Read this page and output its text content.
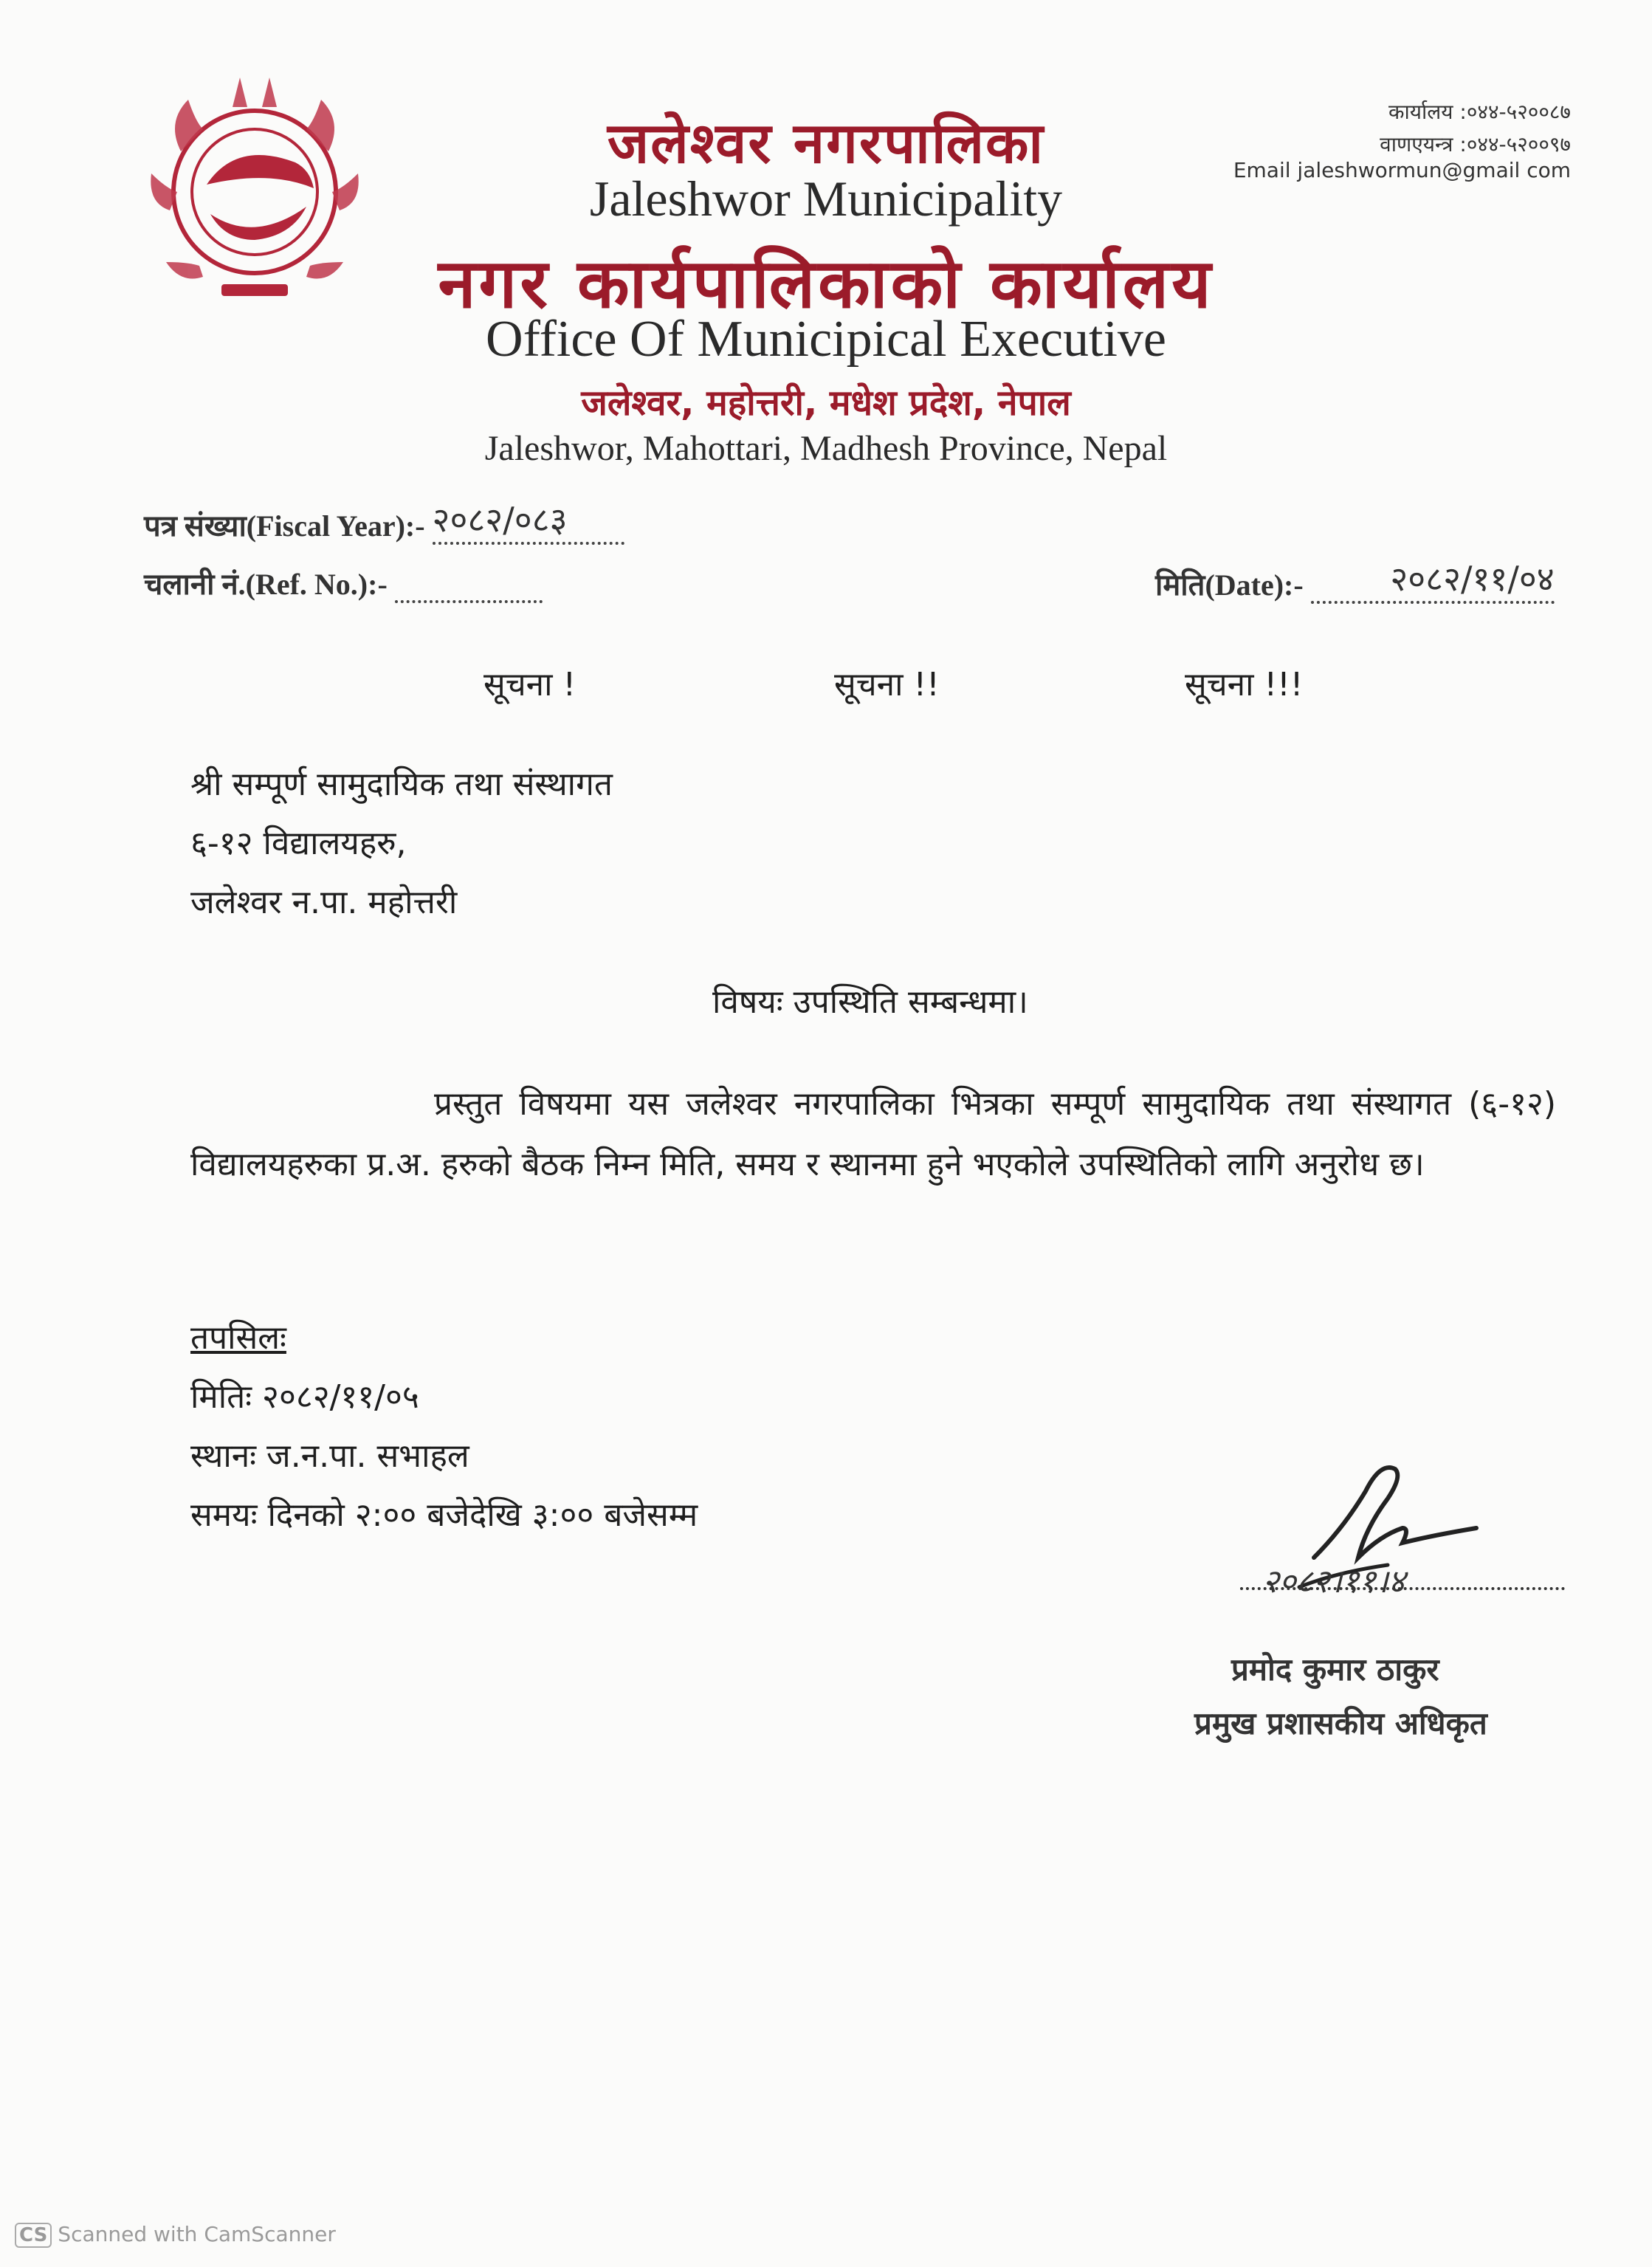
जलेश्वर नगरपालिका
Jaleshwor Municipality
नगर कार्यपालिकाको कार्यालय
Office Of Municipical Executive
जलेश्वर, महोत्तरी, मधेश प्रदेश, नेपाल
Jaleshwor, Mahottari, Madhesh Province, Nepal
कार्यालय :०४४-५२००८७
वाणएयन्त्र :०४४-५२००९७
Email jaleshwormun@gmail com
पत्र संख्या(Fiscal Year):- २०८२/०८३
चलानी नं.(Ref. No.):-	मिति(Date):-	२०८२/११/०४
सूचना !	सूचना !!	सूचना !!!
श्री सम्पूर्ण सामुदायिक तथा संस्थागत
६-१२ विद्यालयहरु,
जलेश्वर न.पा. महोत्तरी
विषयः उपस्थिति सम्बन्धमा।
प्रस्तुत विषयमा यस जलेश्वर नगरपालिका भित्रका सम्पूर्ण सामुदायिक तथा संस्थागत (६-१२) विद्यालयहरुका प्र.अ. हरुको बैठक निम्न मिति, समय र स्थानमा हुने भएकोले उपस्थितिको लागि अनुरोध छ।
तपसिलः
मितिः २०८२/११/०५
स्थानः ज.न.पा. सभाहल
समयः दिनको २:०० बजेदेखि ३:०० बजेसम्म
२०८२।११।४
प्रमोद कुमार ठाकुर
प्रमुख प्रशासकीय अधिकृत
CS Scanned with CamScanner
